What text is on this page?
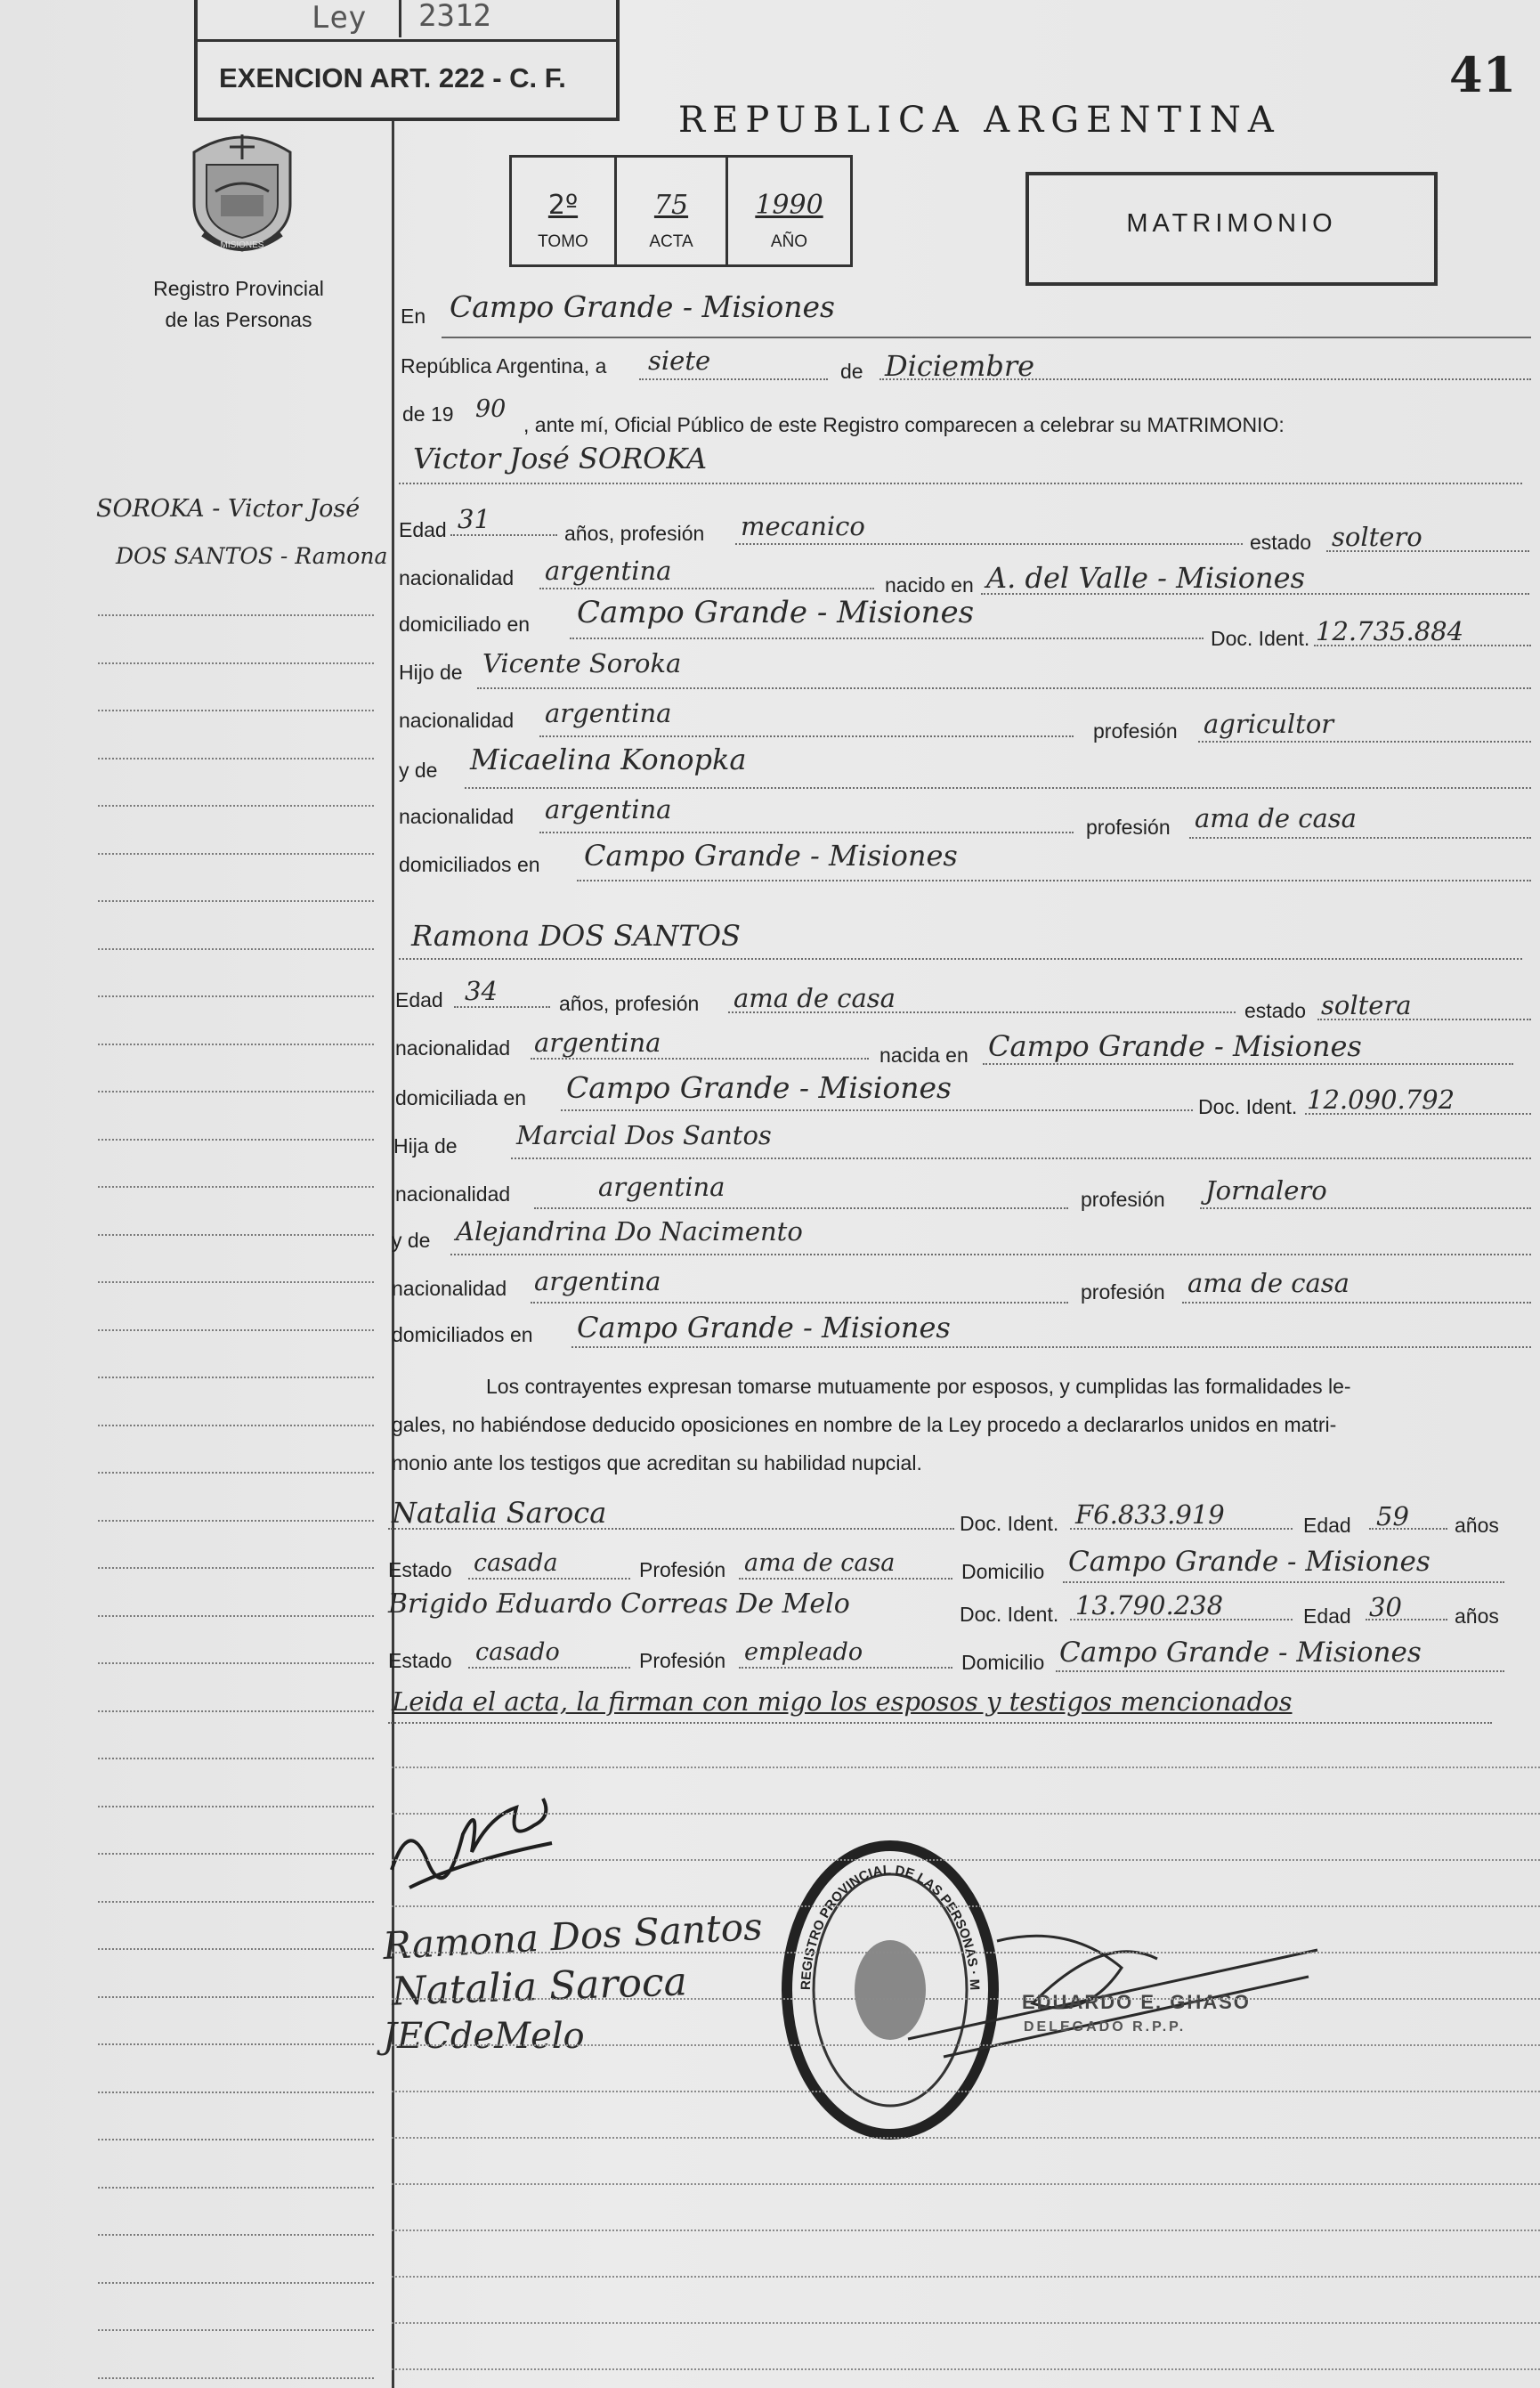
Ley 2312
EXENCION ART. 222 - C. F.	41
REPUBLICA ARGENTINA
MISIONES
Registro Provincial
de las Personas
2º
TOMO
75
ACTA
1990
AÑO
MATRIMONIO
SOROKA - Victor José
DOS SANTOS - Ramona
En Campo Grande - Misiones
República Argentina, a siete	de Diciembre
de 19 90
, ante mí, Oficial Público de este Registro comparecen a celebrar su MATRIMONIO:
Victor José SOROKA
Edad 31	años, profesión mecanico
estado soltero
nacionalidad argentina	nacido en A. del Valle - Misiones
domiciliado en Campo Grande - Misiones
Doc. Ident. 12.735.884
Hijo de Vicente Soroka
nacionalidad argentina
profesión agricultor
y de Micaelina Konopka
nacionalidad argentina
profesión ama de casa
domiciliados en Campo Grande - Misiones
Ramona DOS SANTOS
Edad 34	años, profesión ama de casa	estado soltera
nacionalidad argentina	nacida en Campo Grande - Misiones
domiciliada en Campo Grande - Misiones
Doc. Ident. 12.090.792
Hija de Marcial Dos Santos
nacionalidad	argentina	profesión Jornalero
y de Alejandrina Do Nacimento
nacionalidad argentina	profesión ama de casa
domiciliados en Campo Grande - Misiones
Los contrayentes expresan tomarse mutuamente por esposos, y cumplidas las formalidades le-
gales, no habiéndose deducido oposiciones en nombre de la Ley procedo a declararlos unidos en matri-
monio ante los testigos que acreditan su habilidad nupcial.
Natalia Saroca	Doc. Ident. F6.833.919	Edad 59 años
Estado casada	Profesión ama de casa	Domicilio Campo Grande - Misiones
Brigido Eduardo Correas De Melo	Doc. Ident. 13.790.238	Edad 30	años
Estado casado	Profesión empleado	Domicilio Campo Grande - Misiones
Leida el acta, la firman con migo los esposos y testigos mencionados
Ramona Dos Santos
Natalia Saroca
JECdeMelo
REGISTRO PROVINCIAL DE LAS PERSONAS · M
EDUARDO E. GHASO
DELEGADO R.P.P.
